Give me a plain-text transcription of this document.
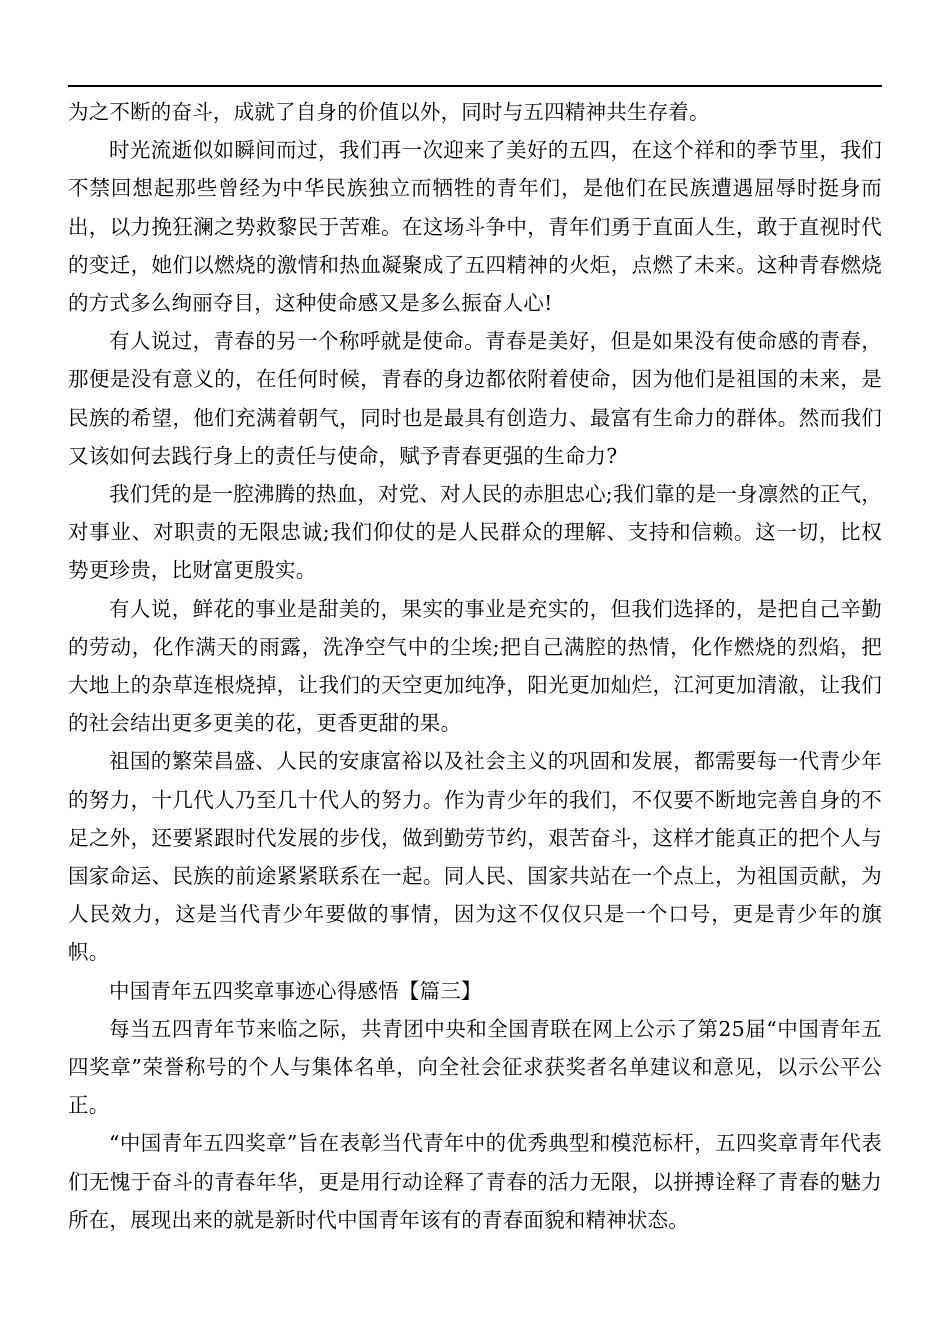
为之不断的奋斗，成就了自身的价值以外，同时与五四精神共生存着。

时光流逝似如瞬间而过，我们再一次迎来了美好的五四，在这个祥和的季节里，我们不禁回想起那些曾经为中华民族独立而牺牲的青年们，是他们在民族遭遇屈辱时挺身而出，以力挽狂澜之势救黎民于苦难。在这场斗争中，青年们勇于直面人生，敢于直视时代的变迁，她们以燃烧的激情和热血凝聚成了五四精神的火炬，点燃了未来。这种青春燃烧的方式多么绚丽夺目，这种使命感又是多么振奋人心!

有人说过，青春的另一个称呼就是使命。青春是美好，但是如果没有使命感的青春，那便是没有意义的，在任何时候，青春的身边都依附着使命，因为他们是祖国的未来，是民族的希望，他们充满着朝气，同时也是最具有创造力、最富有生命力的群体。然而我们又该如何去践行身上的责任与使命，赋予青春更强的生命力?

我们凭的是一腔沸腾的热血，对党、对人民的赤胆忠心;我们靠的是一身凛然的正气，对事业、对职责的无限忠诚;我们仰仗的是人民群众的理解、支持和信赖。这一切，比权势更珍贵，比财富更殷实。

有人说，鲜花的事业是甜美的，果实的事业是充实的，但我们选择的，是把自己辛勤的劳动，化作满天的雨露，洗净空气中的尘埃;把自己满腔的热情，化作燃烧的烈焰，把大地上的杂草连根烧掉，让我们的天空更加纯净，阳光更加灿烂，江河更加清澈，让我们的社会结出更多更美的花，更香更甜的果。

祖国的繁荣昌盛、人民的安康富裕以及社会主义的巩固和发展，都需要每一代青少年的努力，十几代人乃至几十代人的努力。作为青少年的我们，不仅要不断地完善自身的不足之外，还要紧跟时代发展的步伐，做到勤劳节约，艰苦奋斗，这样才能真正的把个人与国家命运、民族的前途紧紧联系在一起。同人民、国家共站在一个点上，为祖国贡献，为人民效力，这是当代青少年要做的事情，因为这不仅仅只是一个口号，更是青少年的旗帜。

中国青年五四奖章事迹心得感悟【篇三】

每当五四青年节来临之际，共青团中央和全国青联在网上公示了第25届“中国青年五四奖章”荣誉称号的个人与集体名单，向全社会征求获奖者名单建议和意见，以示公平公正。

“中国青年五四奖章”旨在表彰当代青年中的优秀典型和模范标杆，五四奖章青年代表们无愧于奋斗的青春年华，更是用行动诠释了青春的活力无限，以拼搏诠释了青春的魅力所在，展现出来的就是新时代中国青年该有的青春面貌和精神状态。
